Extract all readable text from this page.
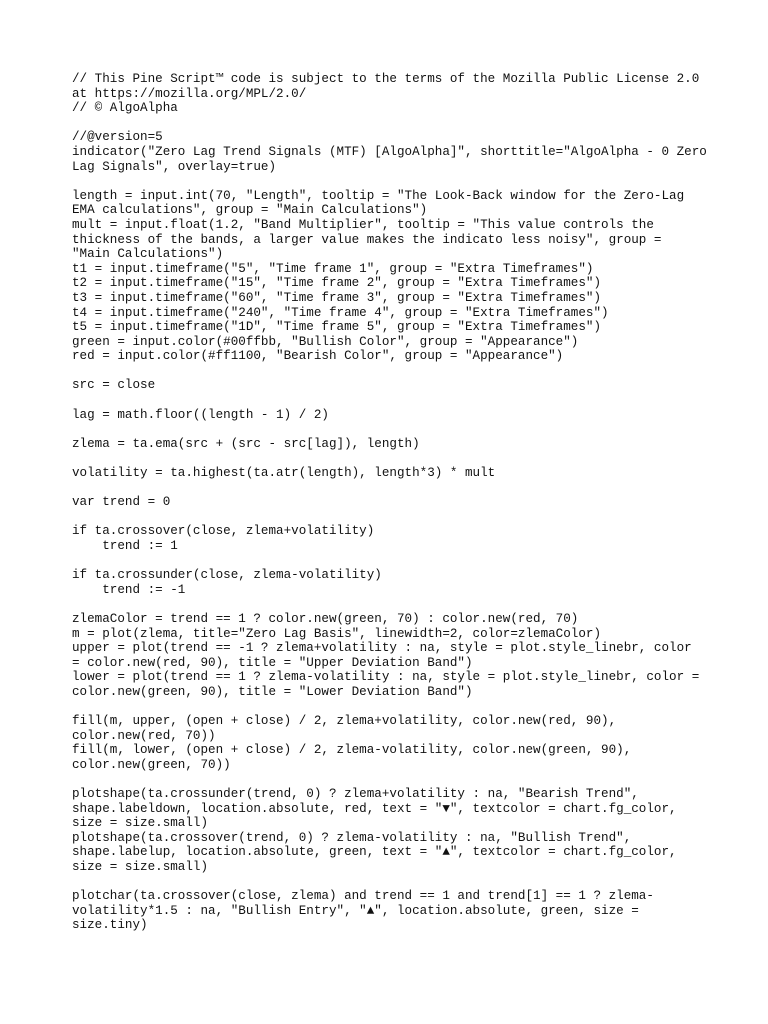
// This Pine Script™ code is subject to the terms of the Mozilla Public License 2.0
at https://mozilla.org/MPL/2.0/
// © AlgoAlpha
//@version=5
indicator("Zero Lag Trend Signals (MTF) [AlgoAlpha]", shorttitle="AlgoAlpha - 0 Zero
Lag Signals", overlay=true)
length = input.int(70, "Length", tooltip = "The Look-Back window for the Zero-Lag
EMA calculations", group = "Main Calculations")
mult = input.float(1.2, "Band Multiplier", tooltip = "This value controls the
thickness of the bands, a larger value makes the indicato less noisy", group =
"Main Calculations")
t1 = input.timeframe("5", "Time frame 1", group = "Extra Timeframes")
t2 = input.timeframe("15", "Time frame 2", group = "Extra Timeframes")
t3 = input.timeframe("60", "Time frame 3", group = "Extra Timeframes")
t4 = input.timeframe("240", "Time frame 4", group = "Extra Timeframes")
t5 = input.timeframe("1D", "Time frame 5", group = "Extra Timeframes")
green = input.color(#00ffbb, "Bullish Color", group = "Appearance")
red = input.color(#ff1100, "Bearish Color", group = "Appearance")
src = close
lag = math.floor((length - 1) / 2)
zlema = ta.ema(src + (src - src[lag]), length)
volatility = ta.highest(ta.atr(length), length*3) * mult
var trend = 0
if ta.crossover(close, zlema+volatility)
trend := 1
if ta.crossunder(close, zlema-volatility)
trend := -1
zlemaColor = trend == 1 ? color.new(green, 70) : color.new(red, 70)
m = plot(zlema, title="Zero Lag Basis", linewidth=2, color=zlemaColor)
upper = plot(trend == -1 ? zlema+volatility : na, style = plot.style_linebr, color
= color.new(red, 90), title = "Upper Deviation Band")
lower = plot(trend == 1 ? zlema-volatility : na, style = plot.style_linebr, color =
color.new(green, 90), title = "Lower Deviation Band")
fill(m, upper, (open + close) / 2, zlema+volatility, color.new(red, 90),
color.new(red, 70))
fill(m, lower, (open + close) / 2, zlema-volatility, color.new(green, 90),
color.new(green, 70))
plotshape(ta.crossunder(trend, 0) ? zlema+volatility : na, "Bearish Trend",
shape.labeldown, location.absolute, red, text = "▼", textcolor = chart.fg_color,
size = size.small)
plotshape(ta.crossover(trend, 0) ? zlema-volatility : na, "Bullish Trend",
shape.labelup, location.absolute, green, text = "▲", textcolor = chart.fg_color,
size = size.small)
plotchar(ta.crossover(close, zlema) and trend == 1 and trend[1] == 1 ? zlema-
volatility*1.5 : na, "Bullish Entry", "▲", location.absolute, green, size =
size.tiny)
